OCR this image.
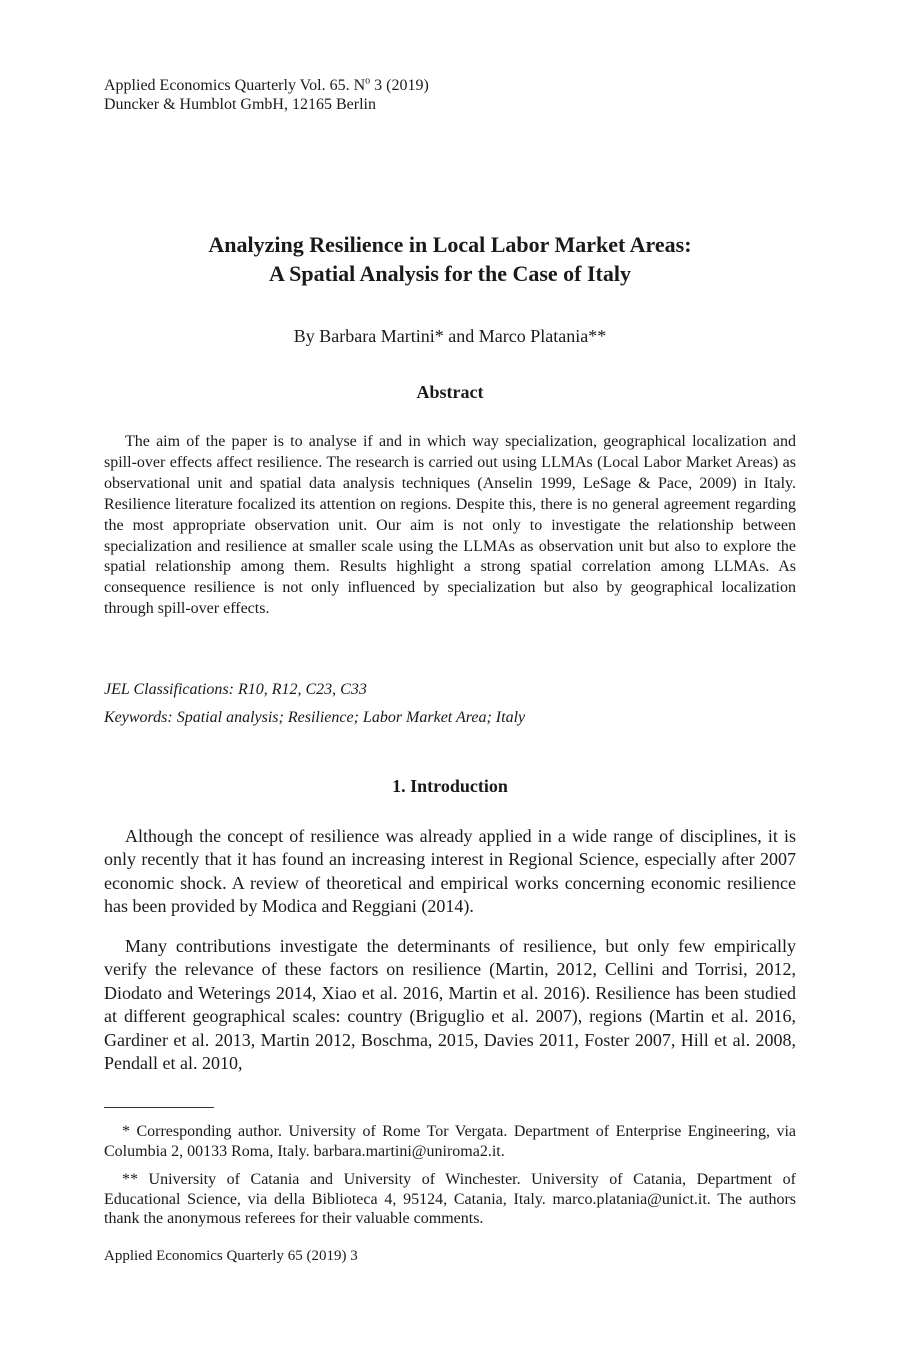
Applied Economics Quarterly Vol. 65. $N^o$ 3 (2019)
Duncker & Humblot GmbH, 12165 Berlin
Analyzing Resilience in Local Labor Market Areas:
A Spatial Analysis for the Case of Italy
By Barbara Martini* and Marco Platania**
Abstract

The aim of the paper is to analyse if and in which way specialization, geographical localization and spill-over effects affect resilience. The research is carried out using LLMAs (Local Labor Market Areas) as observational unit and spatial data analysis techniques (Anselin 1999, LeSage & Pace, 2009) in Italy. Resilience literature focalized its attention on regions. Despite this, there is no general agreement regarding the most appropriate observation unit. Our aim is not only to investigate the relationship between specialization and resilience at smaller scale using the LLMAs as observation unit but also to explore the spatial relationship among them. Results highlight a strong spatial correlation among LLMAs. As consequence resilience is not only influenced by specialization but also by geographical localization through spill-over effects.

JEL Classifications: R10, R12, C23, C33
Keywords: Spatial analysis; Resilience; Labor Market Area; Italy
1. Introduction

Although the concept of resilience was already applied in a wide range of disciplines, it is only recently that it has found an increasing interest in Regional Science, especially after 2007 economic shock. A review of theoretical and empirical works concerning economic resilience has been provided by Modica and Reggiani (2014).

Many contributions investigate the determinants of resilience, but only few empirically verify the relevance of these factors on resilience (Martin, 2012, Cellini and Torrisi, 2012, Diodato and Weterings 2014, Xiao et al. 2016, Martin et al. 2016). Resilience has been studied at different geographical scales: country (Briguglio et al. 2007), regions (Martin et al. 2016, Gardiner et al. 2013, Martin 2012, Boschma, 2015, Davies 2011, Foster 2007, Hill et al. 2008, Pendall et al. 2010,

* Corresponding author. University of Rome Tor Vergata. Department of Enterprise Engineering, via Columbia 2, 00133 Roma, Italy. barbara.martini@uniroma2.it.

** University of Catania and University of Winchester. University of Catania, Department of Educational Science, via della Biblioteca 4, 95124, Catania, Italy. marco.platania@unict.it. The authors thank the anonymous referees for their valuable comments.

Applied Economics Quarterly 65 (2019) 3
